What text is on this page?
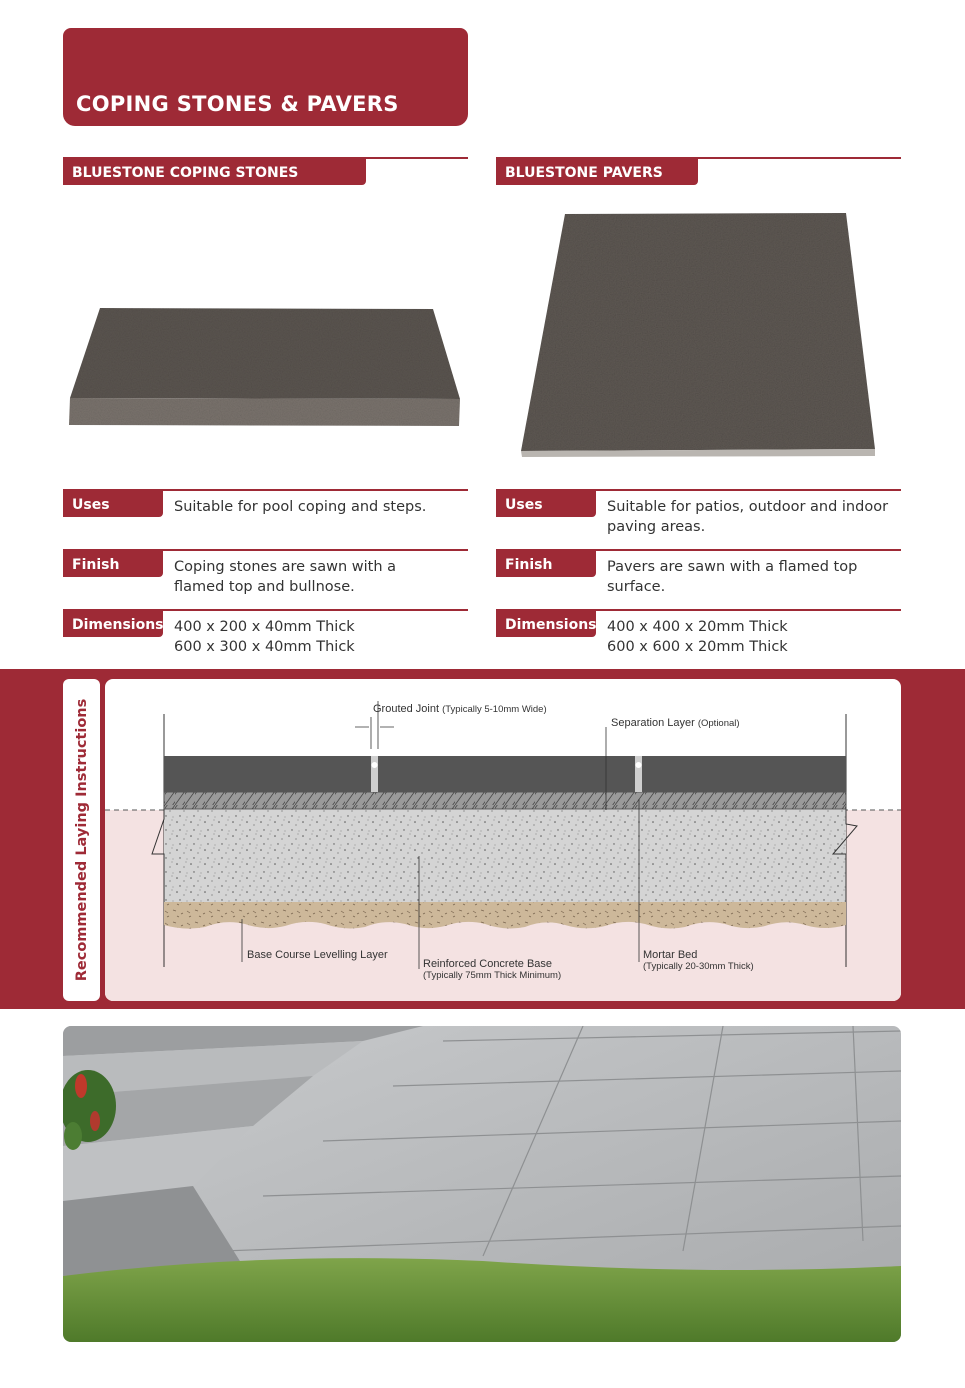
COPING STONES & PAVERS
BLUESTONE COPING STONES	BLUESTONE PAVERS
Uses	Suitable for pool coping and steps.
Finish	Coping stones are sawn with a
flamed top and bullnose.
Dimensions 400 x 200 x 40mm Thick
600 x 300 x 40mm Thick
Uses	Suitable for patios, outdoor and indoor
paving areas.
Finish	Pavers are sawn with a flamed top
surface.
Dimensions 400 x 400 x 20mm Thick
600 x 600 x 20mm Thick
Recommended Laying Instructions	Grouted Joint (Typically 5-10mm Wide)
Separation Layer (Optional)
Base Course Levelling Layer
Reinforced Concrete Base
(Typically 75mm Thick Minimum)
Mortar Bed
(Typically 20-30mm Thick)
